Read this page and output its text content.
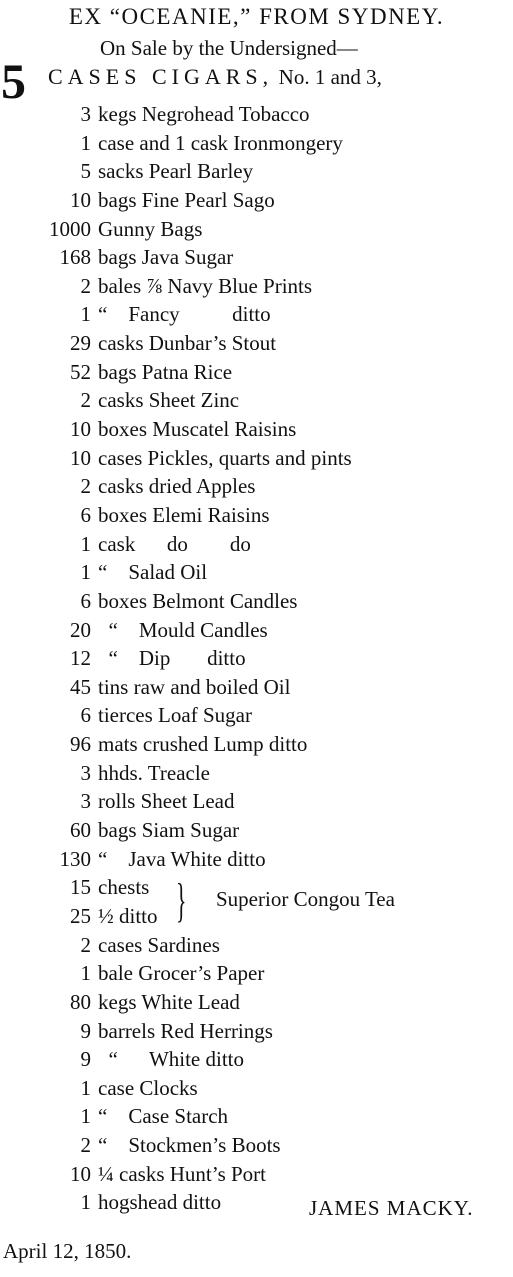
EX “OCEANIE,” FROM SYDNEY.
On Sale by the Undersigned—
5 CASES CIGARS, No. 1 and 3,
3 kegs Negrohead Tobacco
1 case and 1 cask Ironmongery
5 sacks Pearl Barley
10 bags Fine Pearl Sago
1000 Gunny Bags
168 bags Java Sugar
2 bales ⅞ Navy Blue Prints
1 “    Fancy          ditto
29 casks Dunbar’s Stout
52 bags Patna Rice
2 casks Sheet Zinc
10 boxes Muscatel Raisins
10 cases Pickles, quarts and pints
2 casks dried Apples
6 boxes Elemi Raisins
1 cask      do        do
1 “    Salad Oil
6 boxes Belmont Candles
20 “    Mould Candles
12 “    Dip       ditto
45 tins raw and boiled Oil
6 tierces Loaf Sugar
96 mats crushed Lump ditto
3 hhds. Treacle
3 rolls Sheet Lead
60 bags Siam Sugar
130 “    Java White ditto
15 chests
25 ½ ditto } Superior Congou Tea
2 cases Sardines
1 bale Grocer’s Paper
80 kegs White Lead
9 barrels Red Herrings
9 “      White ditto
1 case Clocks
1 “    Case Starch
2 “    Stockmen’s Boots
10 ¼ casks Hunt’s Port
1 hogshead ditto	JAMES MACKY.
April 12, 1850.
